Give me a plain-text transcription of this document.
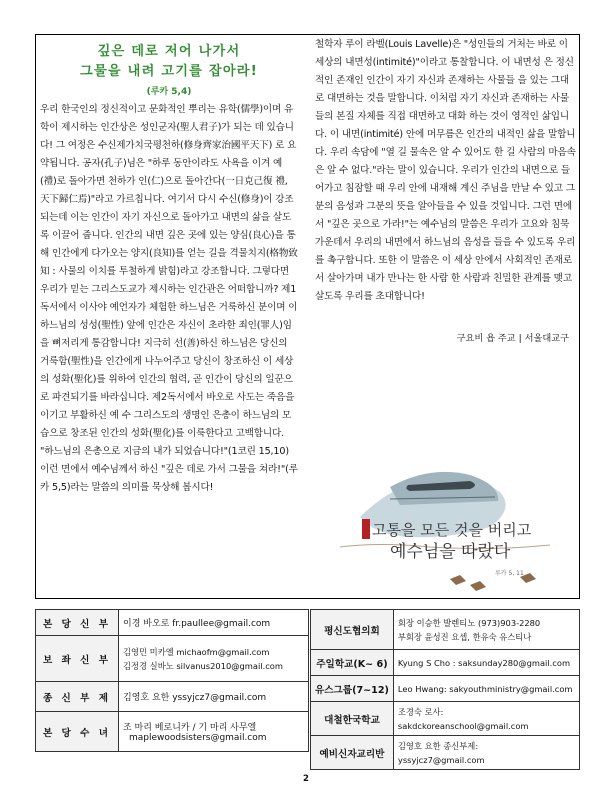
깊은 데로 저어 나가서
그물을 내려 고기를 잡아라!
(루카 5,4)

우리 한국인의 정신적이고 문화적인 뿌리는 유학(儒學)이며 유학이 제시하는 인간상은 성인군자(聖人君子)가 되는 데 있습니다! 그 여정은 수신제가치국평천하(修身齊家治國平天下) 로 요약됩니다. 공자(孔子)님은 "하루 동안이라도 사욕을 이겨 예(禮)로 돌아가면 천하가 인(仁)으로 돌아간다(一日克己復 禮, 天下歸仁焉)"라고 가르칩니다. 여기서 다시 수신(修身)이 강조되는데 이는 인간이 자기 자신으로 돌아가고 내면의 삶을 살도록 이끌어 줍니다. 인간의 내면 깊은 곳에 있는 양심(良心)을 통해 인간에게 다가오는 양지(良知)를 얻는 길을 격물치지(格物致知 : 사물의 이치를 투철하게 밝힘)라고 강조합니다. 그렇다면 우리가 믿는 그리스도교가 제시하는 인간관은 어떠합니까? 제1독서에서 이사야 예언자가 체험한 하느님은 거룩하신 분이며 이 하느님의 성성(聖性) 앞에 인간은 자신이 초라한 죄인(罪人)임을 뼈저리게 통감합니다! 지극히 선(善)하신 하느님은 당신의 거룩함(聖性)을 인간에게 나누어주고 당신이 창조하신 이 세상의 성화(聖化)를 위하여 인간의 협력, 곧 인간이 당신의 일꾼으로 파견되기를 바라십니다. 제2독서에서 바오로 사도는 죽음을 이기고 부활하신 예 수 그리스도의 생명인 은총이 하느님의 모습으로 창조된 인간의 성화(聖化)를 이룩한다고 고백합니다. "하느님의 은총으로 지금의 내가 되었습니다!"(1코린 15,10) 이런 면에서 예수님께서 하신 "깊은 데로 가서 그물을 쳐라!"(루카 5,5)라는 말씀의 의미를 묵상해 봅시다!

철학자 루이 라벨(Louis Lavelle)은 "성인들의 거처는 바로 이 세상의 내면성(intimité)"이라고 통찰합니다. 이 내면성 은 정신적인 존재인 인간이 자기 자신과 존재하는 사물들 을 있는 그대로 대면하는 것을 말합니다. 이처럼 자기 자신과 존재하는 사물들의 본질 자체를 직접 대면하고 대화 하는 것이 영적인 삶입니다. 이 내면(intimité) 안에 머무름은 인간의 내적인 삶을 말합니다. 우리 속담에 "열 길 물속은 알 수 있어도 한 길 사람의 마음속은 알 수 없다."라는 말이 있습니다. 우리가 인간의 내면으로 들어가고 침잠할 때 우리 안에 내재해 계신 주님을 만날 수 있고 그분의 음성과 그분의 뜻을 알아들을 수 있을 것입니다. 그런 면에서 "깊은 곳으로 가라!"는 예수님의 말씀은 우리가 고요와 침묵 가운데서 우리의 내면에서 하느님의 음성을 들을 수 있도록 우리를 촉구합니다. 또한 이 말씀은 이 세상 안에서 사회적인 존재로서 살아가며 내가 만나는 한 사람 한 사람과 친밀한 관계를 맺고 살도록 우리를 초대합니다!

구요비 욥 주교 | 서울대교구
고통을 모든 것을 버리고
예수님을 따랐다
루카 5, 11
본 당 신 부	이경 바오로 fr.paullee@gmail.com

보 좌 신 부	김영민 미카엘 michaofm@gmail.com
김정경 실바노 silvanus2010@gmail.com

종 신 부 제	김영호 요한 yssyjcz7@gmail.com

본 당 수 녀	조 마리 베로니카 / 기 마리 사무엘
maplewoodsisters@gmail.com
평신도협의회	회장 이승한 발렌티노 (973)903-2280
부회장 윤성진 요셉, 한유숙 유스티나

주일학교(K~ 6)	Kyung S Cho : saksunday280@gmail.com

유스그룹(7~12)	Leo Hwang: sakyouthministry@gmail.com

대철한국학교	조경숙 로사:
sakdckoreanschool@gmail.com

예비신자교리반	김영호 요한 종신부제:
yssyjcz7@gmail.com
2
